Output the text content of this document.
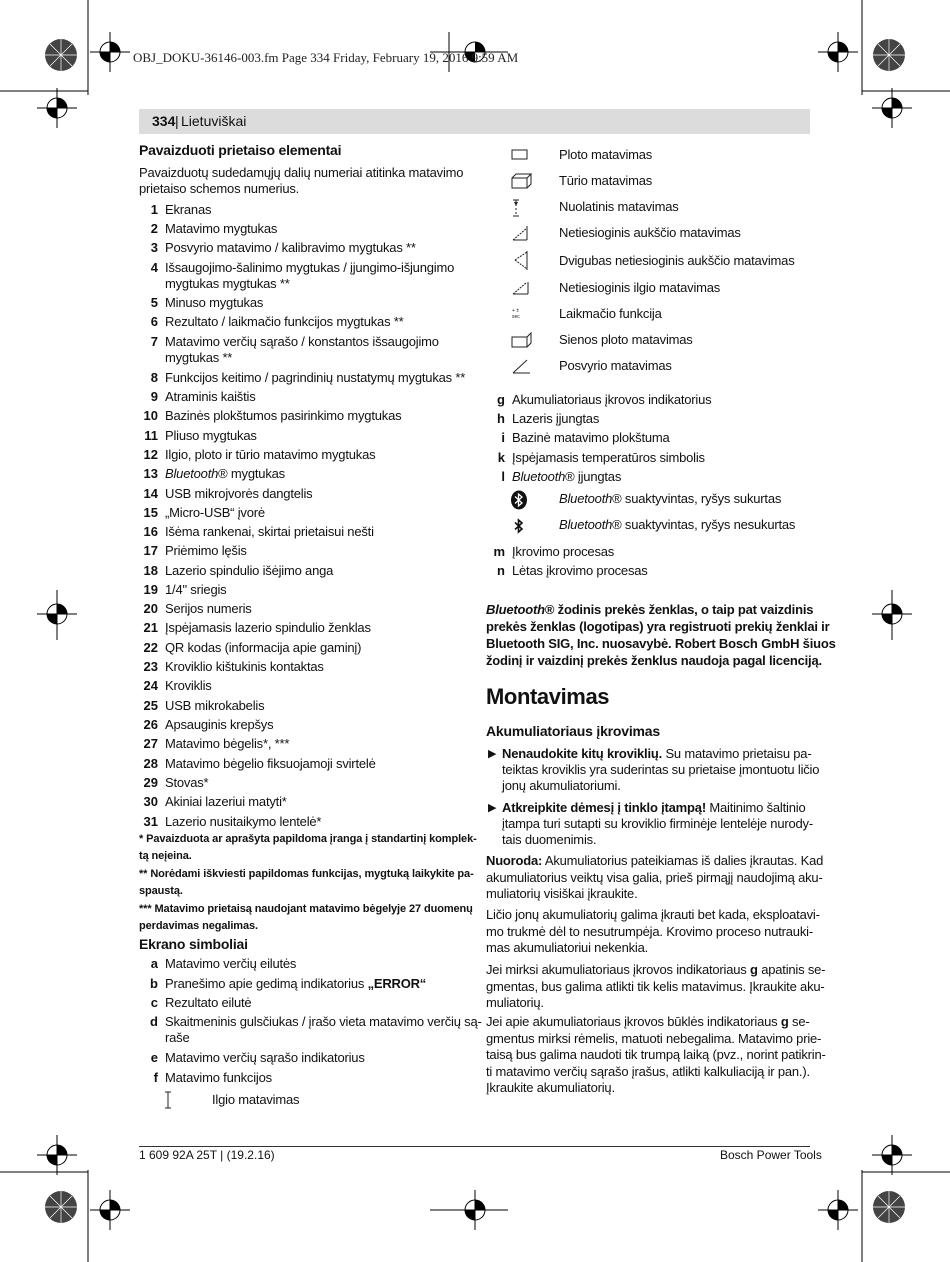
OBJ_DOKU-36146-003.fm Page 334 Friday, February 19, 2016 9:59 AM
334 | Lietuviškai
Pavaizduoti prietaiso elementai
Pavaizduotų sudedamųjų dalių numeriai atitinka matavimo
prietaiso schemos numerius.
1 Ekranas
2 Matavimo mygtukas
3 Posvyrio matavimo / kalibravimo mygtukas **
4 Išsaugojimo-šalinimo mygtukas / įjungimo-išjungimo
mygtukas mygtukas **
5 Minuso mygtukas
6 Rezultato / laikmačio funkcijos mygtukas **
7 Matavimo verčių sąrašo / konstantos išsaugojimo
mygtukas **
8 Funkcijos keitimo / pagrindinių nustatymų mygtukas **
9 Atraminis kaištis
10 Bazinės plokštumos pasirinkimo mygtukas
11 Pliuso mygtukas
12 Ilgio, ploto ir tūrio matavimo mygtukas
13 Bluetooth® mygtukas
14 USB mikrojvorės dangtelis
15 „Micro-USB“ įvorė
16 Išėma rankenai, skirtai prietaisui nešti
17 Priėmimo lęšis
18 Lazerio spindulio išėjimo anga
19 1/4" sriegis
20 Serijos numeris
21 Įspėjamasis lazerio spindulio ženklas
22 QR kodas (informacija apie gaminį)
23 Kroviklio kištukinis kontaktas
24 Kroviklis
25 USB mikrokabelis
26 Apsauginis krepšys
27 Matavimo bėgelis*, ***
28 Matavimo bėgelio fiksuojamoji svirtelė
29 Stovas*
30 Akiniai lazeriui matyti*
31 Lazerio nusitaikymo lentelė*
* Pavaizduota ar aprašyta papildoma įranga į standartinį komplek-
tą neįeina.
** Norėdami iškviesti papildomas funkcijas, mygtuką laikykite pa-
spaustą.
*** Matavimo prietaisą naudojant matavimo bėgelyje 27 duomenų
perdavimas negalimas.
Ekrano simboliai
a Matavimo verčių eilutės
b Pranešimo apie gedimą indikatorius „ERROR“
c Rezultato eilutė
d Skaitmeninis gulsčiukas / įrašo vieta matavimo verčių są-
raše
e Matavimo verčių sąrašo indikatorius
f Matavimo funkcijos
Ilgio matavimas
+ ±
sec
Ploto matavimas
Tūrio matavimas
Nuolatinis matavimas
Netiesioginis aukščio matavimas
Dvigubas netiesioginis aukščio matavimas
Netiesioginis ilgio matavimas
Laikmačio funkcija
Sienos ploto matavimas
Posvyrio matavimas
g Akumuliatoriaus įkrovos indikatorius
h Lazeris įjungtas
i Bazinė matavimo plokštuma
k Įspėjamasis temperatūros simbolis
l Bluetooth® įjungtas
Bluetooth® suaktyvintas, ryšys sukurtas
Bluetooth® suaktyvintas, ryšys nesukurtas
m Įkrovimo procesas
n Lėtas įkrovimo procesas
Bluetooth® žodinis prekės ženklas, o taip pat vaizdinis
prekės ženklas (logotipas) yra registruoti prekių ženklai ir
Bluetooth SIG, Inc. nuosavybė. Robert Bosch GmbH šiuos
žodinį ir vaizdinį prekės ženklus naudoja pagal licenciją.
Montavimas
Akumuliatoriaus įkrovimas
▶ Nenaudokite kitų kroviklių. Su matavimo prietaisu pa-
teiktas kroviklis yra suderintas su prietaise įmontuotu ličio
jonų akumuliatoriumi.
▶ Atkreipkite dėmesį į tinklo įtampą! Maitinimo šaltinio
įtampa turi sutapti su kroviklio firminėje lentelėje nurody-
tais duomenimis.
Nuoroda: Akumuliatorius pateikiamas iš dalies įkrautas. Kad
akumuliatorius veiktų visa galia, prieš pirmąjį naudojimą aku-
muliatorių visiškai įkraukite.
Ličio jonų akumuliatorių galima įkrauti bet kada, eksploatavi-
mo trukmė dėl to nesutrumpėja. Krovimo proceso nutrauki-
mas akumuliatoriui nekenkia.
Jei mirksi akumuliatoriaus įkrovos indikatoriaus g apatinis se-
gmentas, bus galima atlikti tik kelis matavimus. Įkraukite aku-
muliatorių.
Jei apie akumuliatoriaus įkrovos būklės indikatoriaus g se-
gmentus mirksi rėmelis, matuoti nebegalima. Matavimo prie-
taisą bus galima naudoti tik trumpą laiką (pvz., norint patikrin-
ti matavimo verčių sąrašo įrašus, atlikti kalkuliaciją ir pan.).
Įkraukite akumuliatorių.
1 609 92A 25T | (19.2.16)	Bosch Power Tools
